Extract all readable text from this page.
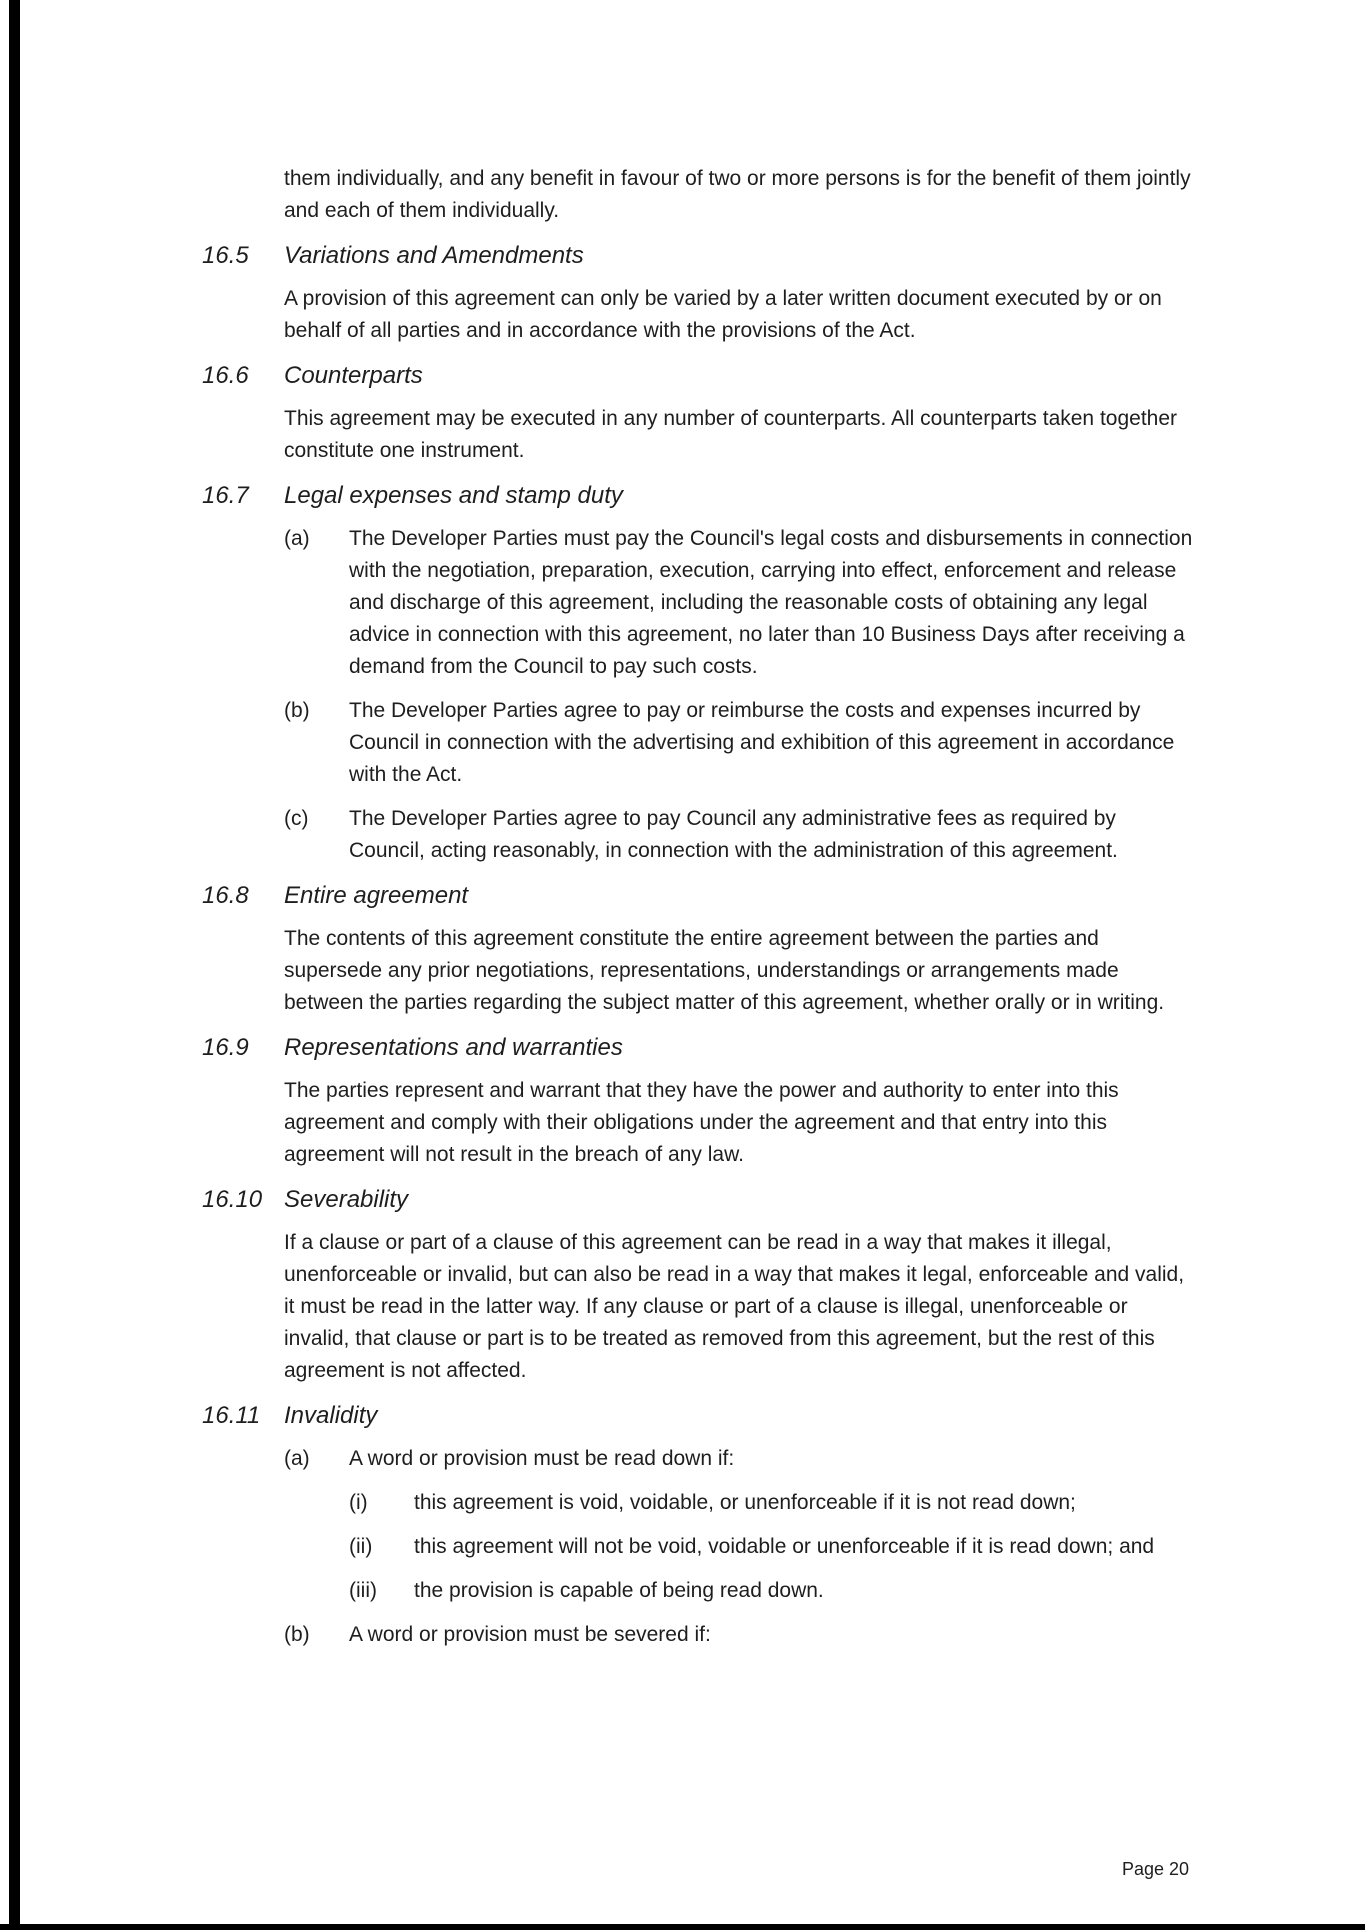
them individually, and any benefit in favour of two or more persons is for the benefit of them jointly and each of them individually.
16.5 Variations and Amendments
A provision of this agreement can only be varied by a later written document executed by or on behalf of all parties and in accordance with the provisions of the Act.
16.6 Counterparts
This agreement may be executed in any number of counterparts. All counterparts taken together constitute one instrument.
16.7 Legal expenses and stamp duty
(a) The Developer Parties must pay the Council's legal costs and disbursements in connection with the negotiation, preparation, execution, carrying into effect, enforcement and release and discharge of this agreement, including the reasonable costs of obtaining any legal advice in connection with this agreement, no later than 10 Business Days after receiving a demand from the Council to pay such costs.
(b) The Developer Parties agree to pay or reimburse the costs and expenses incurred by Council in connection with the advertising and exhibition of this agreement in accordance with the Act.
(c) The Developer Parties agree to pay Council any administrative fees as required by Council, acting reasonably, in connection with the administration of this agreement.
16.8 Entire agreement
The contents of this agreement constitute the entire agreement between the parties and supersede any prior negotiations, representations, understandings or arrangements made between the parties regarding the subject matter of this agreement, whether orally or in writing.
16.9 Representations and warranties
The parties represent and warrant that they have the power and authority to enter into this agreement and comply with their obligations under the agreement and that entry into this agreement will not result in the breach of any law.
16.10 Severability
If a clause or part of a clause of this agreement can be read in a way that makes it illegal, unenforceable or invalid, but can also be read in a way that makes it legal, enforceable and valid, it must be read in the latter way. If any clause or part of a clause is illegal, unenforceable or invalid, that clause or part is to be treated as removed from this agreement, but the rest of this agreement is not affected.
16.11 Invalidity
(a) A word or provision must be read down if:
(i) this agreement is void, voidable, or unenforceable if it is not read down;
(ii) this agreement will not be void, voidable or unenforceable if it is read down; and
(iii) the provision is capable of being read down.
(b) A word or provision must be severed if:
Page 20
